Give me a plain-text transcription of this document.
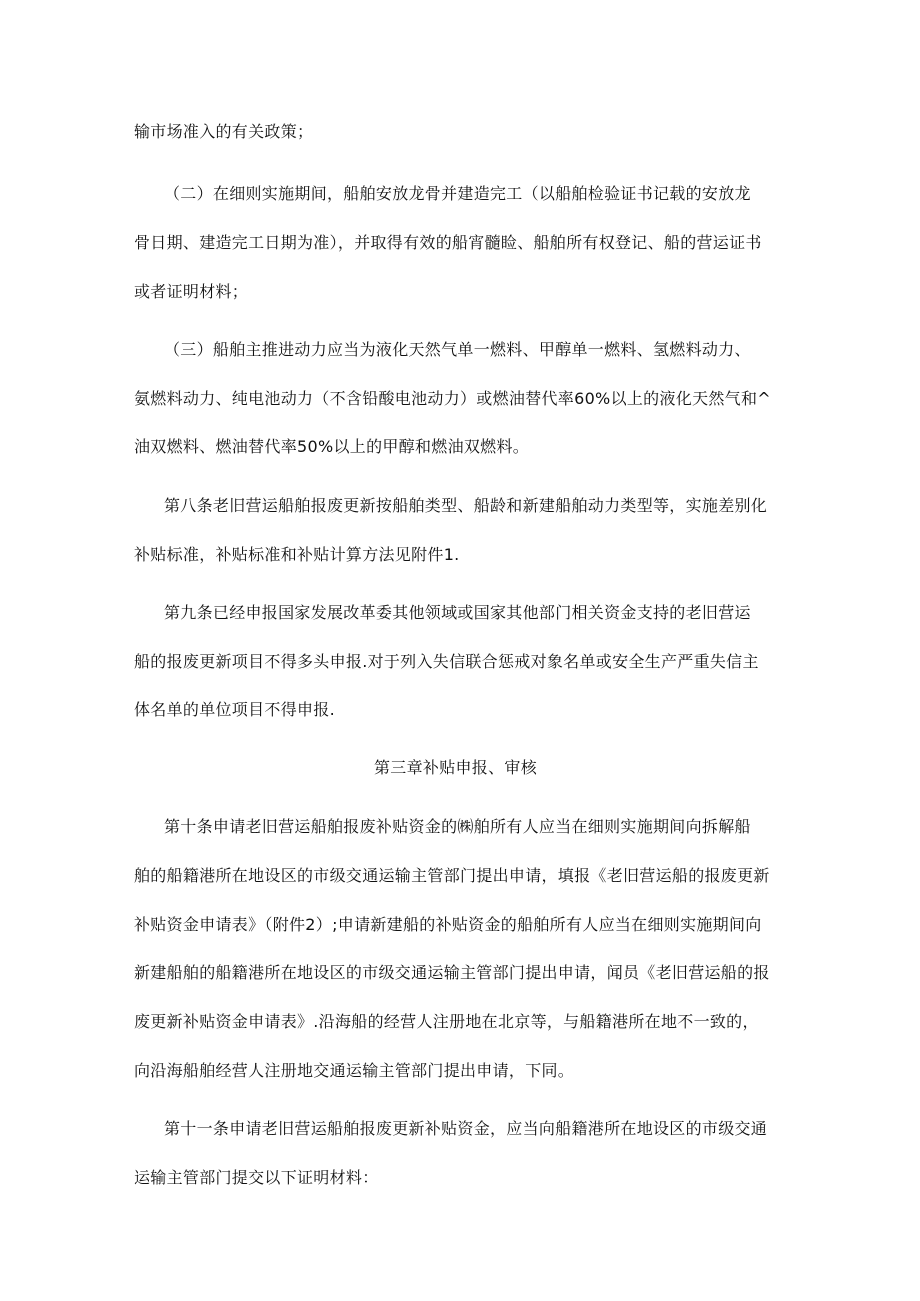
输市场准入的有关政策；
（二）在细则实施期间，船舶安放龙骨并建造完工（以船舶检验证书记载的安放龙
骨日期、建造完工日期为准），并取得有效的船宵髓睑、船舶所有权登记、船的营运证书
或者证明材料；
（三）船舶主推进动力应当为液化天然气单一燃料、甲醇单一燃料、氢燃料动力、
氨燃料动力、纯电池动力（不含铅酸电池动力）或燃油替代率60%以上的液化天然气和^
油双燃料、燃油替代率50%以上的甲醇和燃油双燃料。
第八条老旧营运船舶报废更新按船舶类型、船龄和新建船舶动力类型等，实施差别化
补贴标准，补贴标准和补贴计算方法见附件1.
第九条已经申报国家发展改革委其他领域或国家其他部门相关资金支持的老旧营运
船的报废更新项目不得多头申报.对于列入失信联合惩戒对象名单或安全生产严重失信主
体名单的单位项目不得申报.
第三章补贴申报、审核
第十条申请老旧营运船舶报废补贴资金的㈱舶所有人应当在细则实施期间向拆解船
舶的船籍港所在地设区的市级交通运输主管部门提出申请，填报《老旧营运船的报废更新
补贴资金申请表》（附件2）;申请新建船的补贴资金的船舶所有人应当在细则实施期间向
新建船舶的船籍港所在地设区的市级交通运输主管部门提出申请，闻员《老旧营运船的报
废更新补贴资金申请表》.沿海船的经营人注册地在北京等，与船籍港所在地不一致的，
向沿海船舶经营人注册地交通运输主管部门提出申请，下同。
第十一条申请老旧营运船舶报废更新补贴资金，应当向船籍港所在地设区的市级交通
运输主管部门提交以下证明材料：
